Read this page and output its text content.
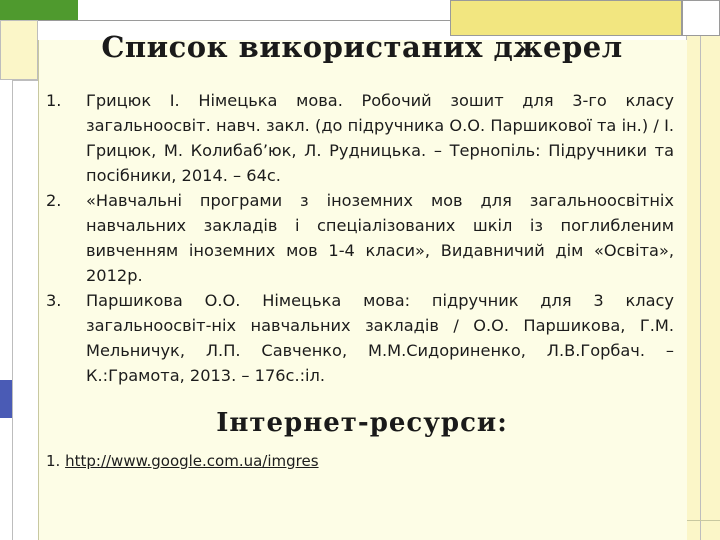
Список використаних джерел
1.	Грицюк І. Німецька мова. Робочий зошит для 3-го класу загальноосвіт. навч. закл. (до підручника О.О. Паршикової та ін.) / І. Грицюк, М. Колибаб’юк, Л. Рудницька. – Тернопіль: Підручники та посібники, 2014. – 64с.
2.	«Навчальні програми з іноземних мов для загальноосвітніх навчальних закладів і спеціалізованих шкіл із поглибленим вивченням іноземних мов 1-4 класи», Видавничий дім «Освіта», 2012р.
3.	Паршикова О.О. Німецька мова: підручник для 3 класу загальноосвіт-ніх навчальних закладів / О.О. Паршикова, Г.М. Мельничук, Л.П. Савченко, М.М.Сидориненко, Л.В.Горбач. – К.:Грамота, 2013. – 176с.:іл.
Інтернет-ресурси:
1. http://www.google.com.ua/imgres
